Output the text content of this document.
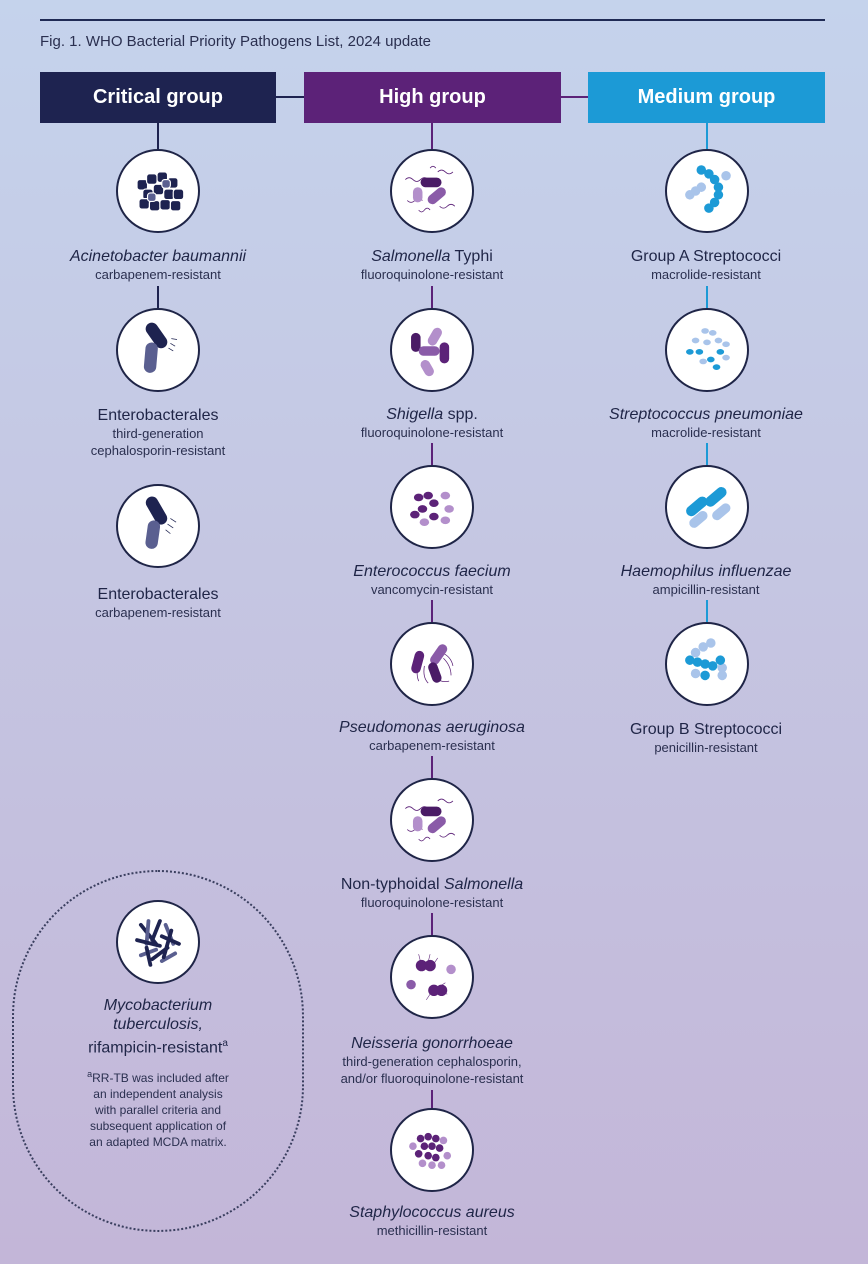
Fig. 1. WHO Bacterial Priority Pathogens List, 2024 update
Critical group	High group	Medium group
Acinetobacter baumannii
carbapenem-resistant
Enterobacterales
third-generation
cephalosporin-resistant
Enterobacterales
carbapenem-resistant
Salmonella Typhi
fluoroquinolone-resistant
Shigella spp.
fluoroquinolone-resistant
Enterococcus faecium
vancomycin-resistant
Pseudomonas aeruginosa
carbapenem-resistant
Non-typhoidal Salmonella
fluoroquinolone-resistant
Neisseria gonorrhoeae
third-generation cephalosporin,
and/or fluoroquinolone-resistant
Staphylococcus aureus
methicillin-resistant
Group A Streptococci
macrolide-resistant
Streptococcus pneumoniae
macrolide-resistant
Haemophilus influenzae
ampicillin-resistant
Group B Streptococci
penicillin-resistant
Mycobacterium
tuberculosis,
rifampicin-resistant$^a$
$^a$RR-TB was included after
an independent analysis
with parallel criteria and
subsequent application of
an adapted MCDA matrix.
